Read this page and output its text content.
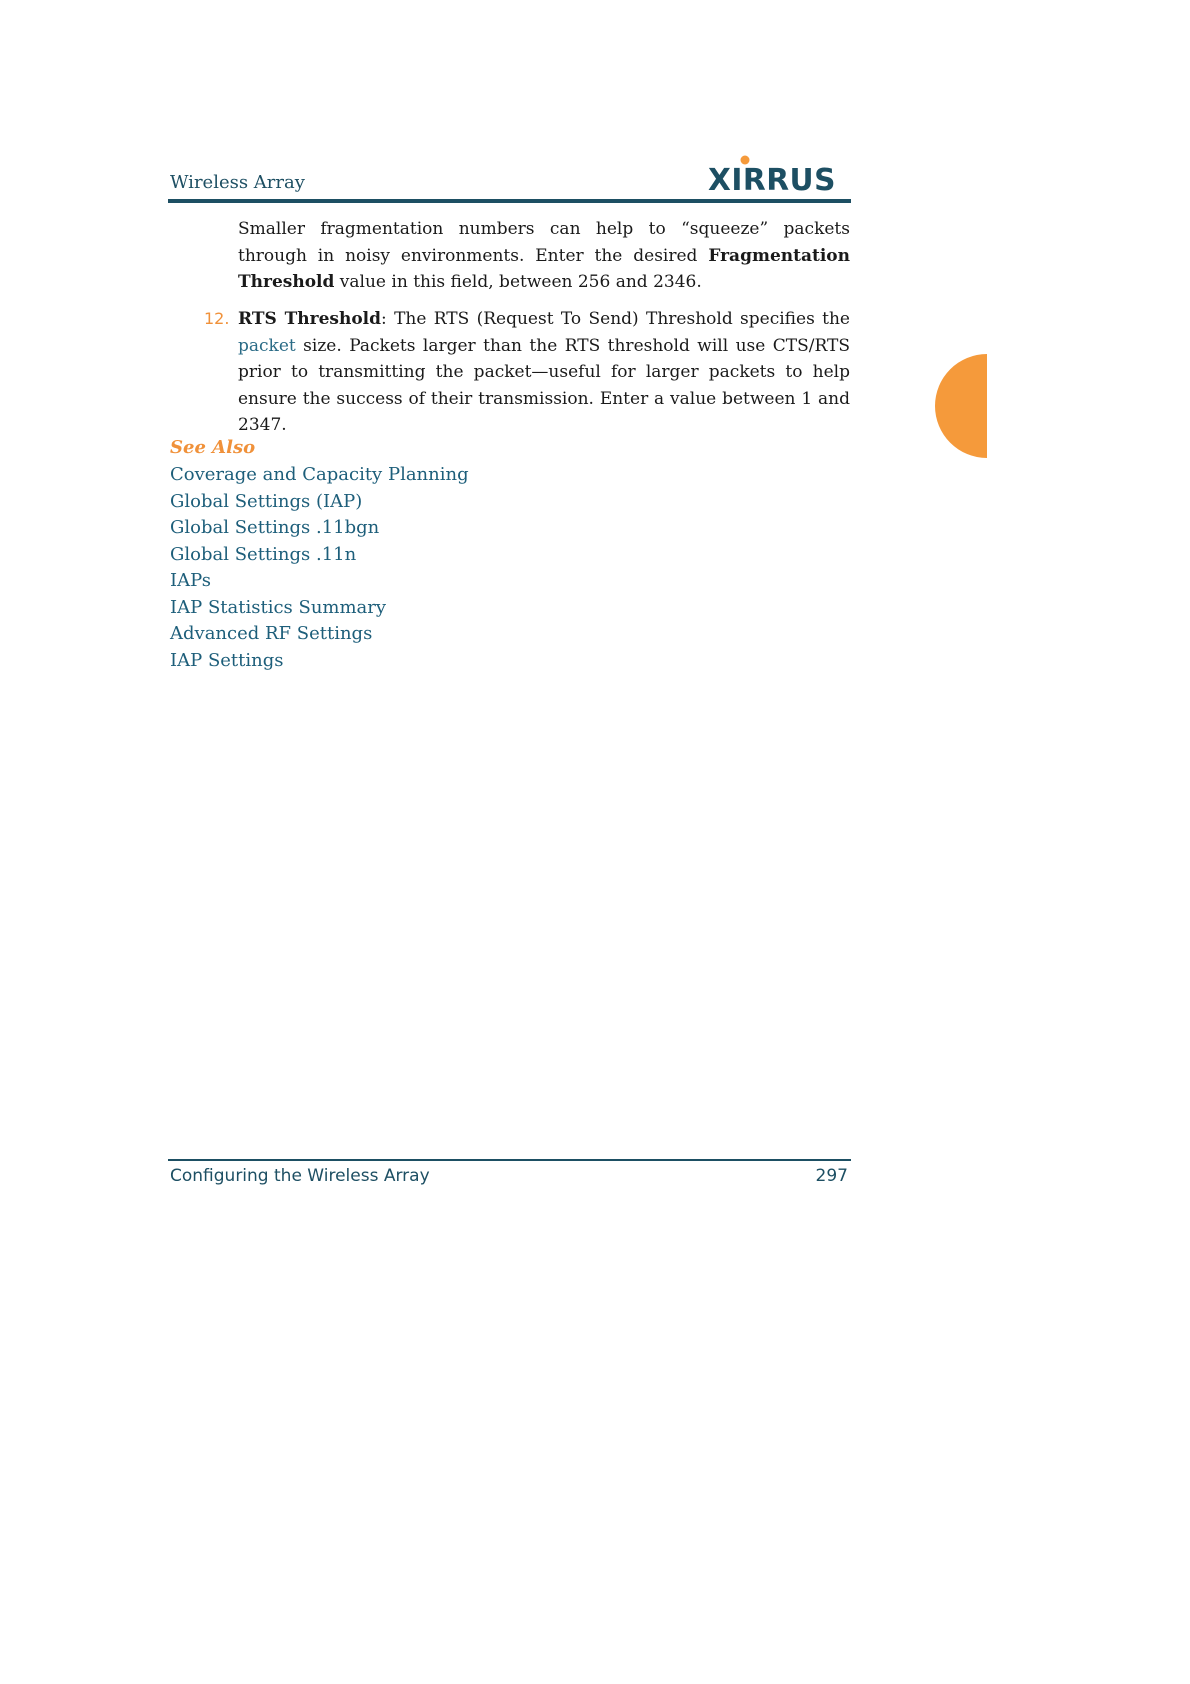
Wireless Array	XIRRUS
Smaller fragmentation numbers can help to “squeeze” packets through in noisy environments. Enter the desired Fragmentation Threshold value in this field, between 256 and 2346.
12. RTS Threshold: The RTS (Request To Send) Threshold specifies the packet size. Packets larger than the RTS threshold will use CTS/RTS prior to transmitting the packet—useful for larger packets to help ensure the success of their transmission. Enter a value between 1 and 2347.
See Also
Coverage and Capacity Planning
Global Settings (IAP)
Global Settings .11bgn
Global Settings .11n
IAPs
IAP Statistics Summary
Advanced RF Settings
IAP Settings
Configuring the Wireless Array	297
